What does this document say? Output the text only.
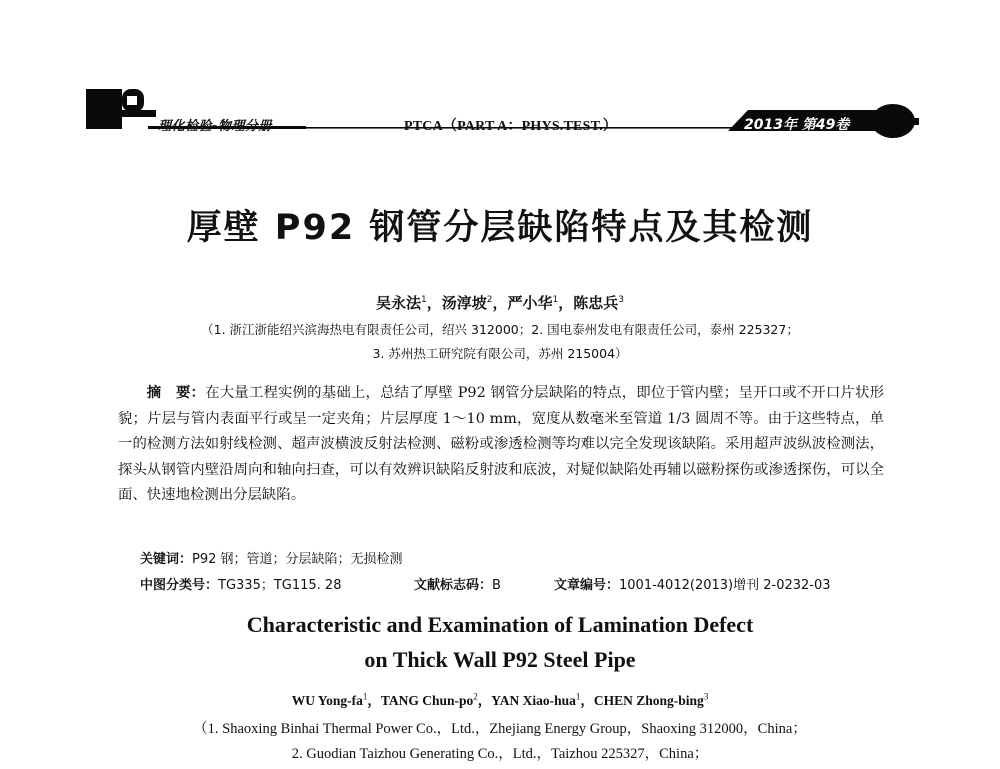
理化检验-物理分册	PTCA（PART A：PHYS.TEST.）	2013年 第49卷
厚壁 P92 钢管分层缺陷特点及其检测
吴永法$^1$，汤淳坡$^2$，严小华$^1$，陈忠兵$^3$
（1. 浙江浙能绍兴滨海热电有限责任公司，绍兴 312000；2. 国电泰州发电有限责任公司，泰州 225327；
3. 苏州热工研究院有限公司，苏州 215004）
摘　要：在大量工程实例的基础上，总结了厚壁 P92 钢管分层缺陷的特点，即位于管内壁；呈开口或不开口片状形貌；片层与管内表面平行或呈一定夹角；片层厚度 1～10 mm，宽度从数毫米至管道 1/3 圆周不等。由于这些特点，单一的检测方法如射线检测、超声波横波反射法检测、磁粉或渗透检测等均难以完全发现该缺陷。采用超声波纵波检测法，探头从钢管内壁沿周向和轴向扫查，可以有效辨识缺陷反射波和底波，对疑似缺陷处再辅以磁粉探伤或渗透探伤，可以全面、快速地检测出分层缺陷。
关键词：P92 钢；管道；分层缺陷；无损检测
中图分类号：TG335；TG115. 28	文献标志码：B	文章编号：1001-4012(2013)增刊 2-0232-03
Characteristic and Examination of Lamination Defect
on Thick Wall P92 Steel Pipe
WU Yong-$fa^1$，TANG Chun-$po^2$，YAN Xiao-hua$^1$，CHEN Zhong-bing$^3$
（1. Shaoxing Binhai Thermal Power Co.，Ltd.，Zhejiang Energy Group，Shaoxing 312000，China；
2. Guodian Taizhou Generating Co.，Ltd.，Taizhou 225327，China；
